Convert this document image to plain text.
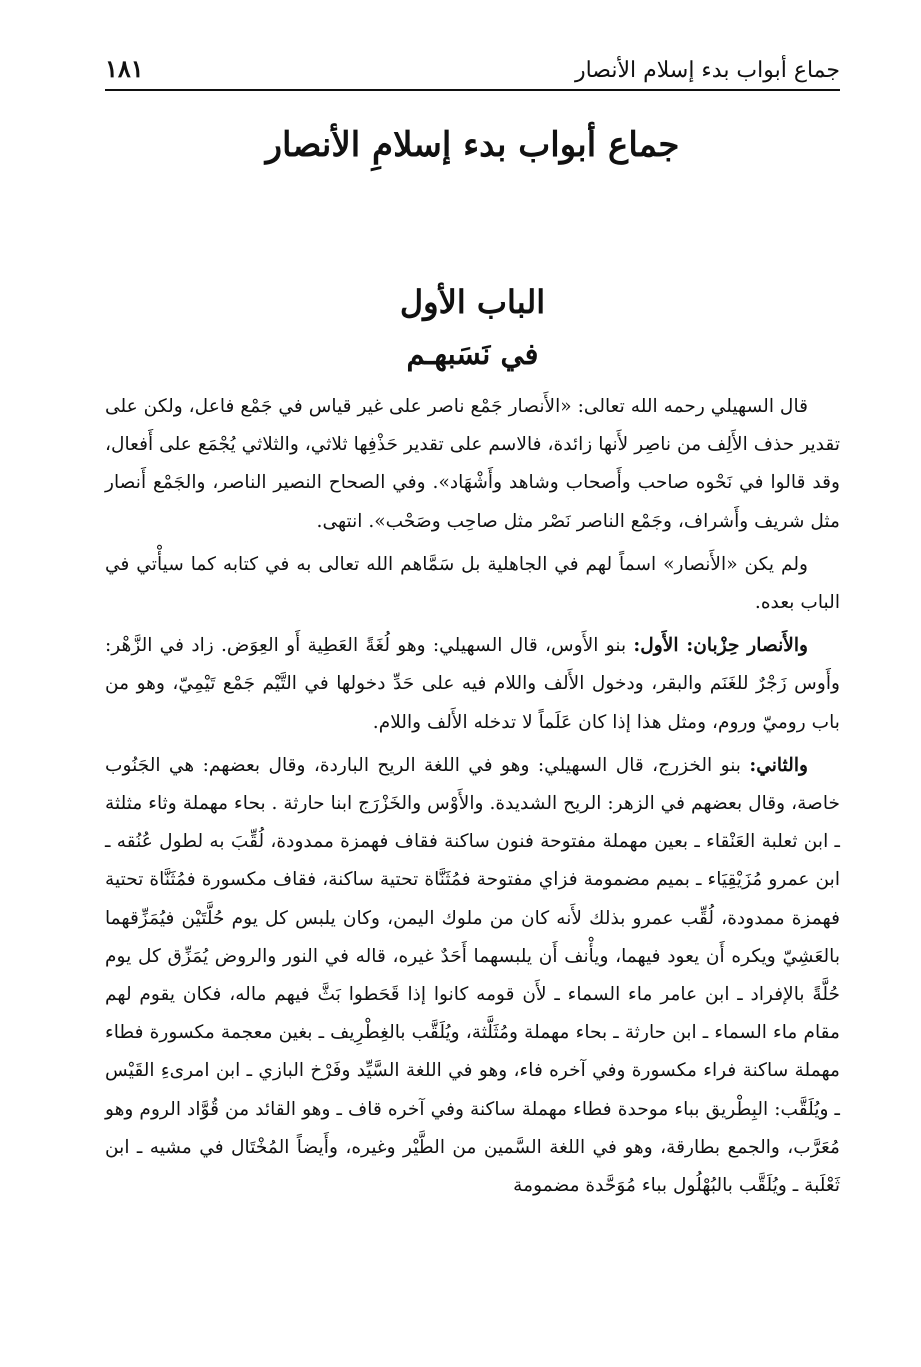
جماع أبواب بدء إسلام الأنصار
١٨١
جماع أبواب بدء إسلامِ الأنصار
الباب الأول
في نَسَبهـم

قال السهيلي رحمه الله تعالى: «الأَنصار جَمْع ناصر على غير قياس في جَمْع فاعل، ولكن على تقدير حذف الأَلِف من ناصِر لأَنها زائدة، فالاسم على تقدير حَذْفِها ثلاثي، والثلاثي يُجْمَع على أَفعال، وقد قالوا في نَحْوه صاحب وأَصحاب وشاهد وأَشْهَاد». وفي الصحاح النصير الناصر، والجَمْع أَنصار مثل شريف وأَشراف، وجَمْع الناصر نَصْر مثل صاحِب وصَحْب». انتهى.

ولم يكن «الأَنصار» اسماً لهم في الجاهلية بل سَمَّاهم الله تعالى به في كتابه كما سيأْتي في الباب بعده.

والأَنصار حِزْبان: الأَول: بنو الأَوس، قال السهيلي: وهو لُغَةً العَطِية أَو العِوَض. زاد في الزَّهْر: وأَوس زَجْرٌ للغَنَم والبقر، ودخول الأَلف واللام فيه على حَدِّ دخولها في التَّيْم جَمْع تَيْمِيّ، وهو من باب روميّ وروم، ومثل هذا إذا كان عَلَماً لا تدخله الأَلف واللام.

والثاني: بنو الخزرج، قال السهيلي: وهو في اللغة الريح الباردة، وقال بعضهم: هي الجَنُوب خاصة، وقال بعضهم في الزهر: الريح الشديدة. والأَوْس والخَزْرَج ابنا حارثة . بحاء مهملة وثاء مثلثة ـ ابن ثعلبة العَنْقاء ـ بعين مهملة مفتوحة فنون ساكنة فقاف فهمزة ممدودة، لُقِّبَ به لطول عُنُقه ـ ابن عمرو مُزَيْقِيَاء ـ بميم مضمومة فزاي مفتوحة فمُثَنَّاة تحتية ساكنة، فقاف مكسورة فمُثَنَّاة تحتية فهمزة ممدودة، لُقِّب عمرو بذلك لأَنه كان من ملوك اليمن، وكان يلبس كل يوم حُلَّتَيْن فيُمَزِّقهما بالعَشِيّ ويكره أَن يعود فيهما، ويأْنف أَن يلبسهما أَحَدٌ غيره، قاله في النور والروض يُمَزِّق كل يوم حُلَّةً بالإفراد ـ ابن عامر ماء السماء ـ لأَن قومه كانوا إذا قَحَطوا بَثَّ فيهم ماله، فكان يقوم لهم مقام ماء السماء ـ ابن حارثة ـ بحاء مهملة ومُثَلَّثة، ويُلَقَّب بالغِطْرِيف ـ بغين معجمة مكسورة فطاء مهملة ساكنة فراء مكسورة وفي آخره فاء، وهو في اللغة السَّيِّد وفَرْخ البازي ـ ابن امرىءِ القَيْس ـ ويُلَقَّب: البِطْريق بباء موحدة فطاء مهملة ساكنة وفي آخره قاف ـ وهو القائد من قُوَّاد الروم وهو مُعَرَّب، والجمع بطارقة، وهو في اللغة السَّمين من الطَّيْر وغيره، وأَيضاً المُخْتَال في مشيه ـ ابن ثَعْلَبة ـ ويُلَقَّب بالبُهْلُول بباء مُوَحَّدة مضمومة
